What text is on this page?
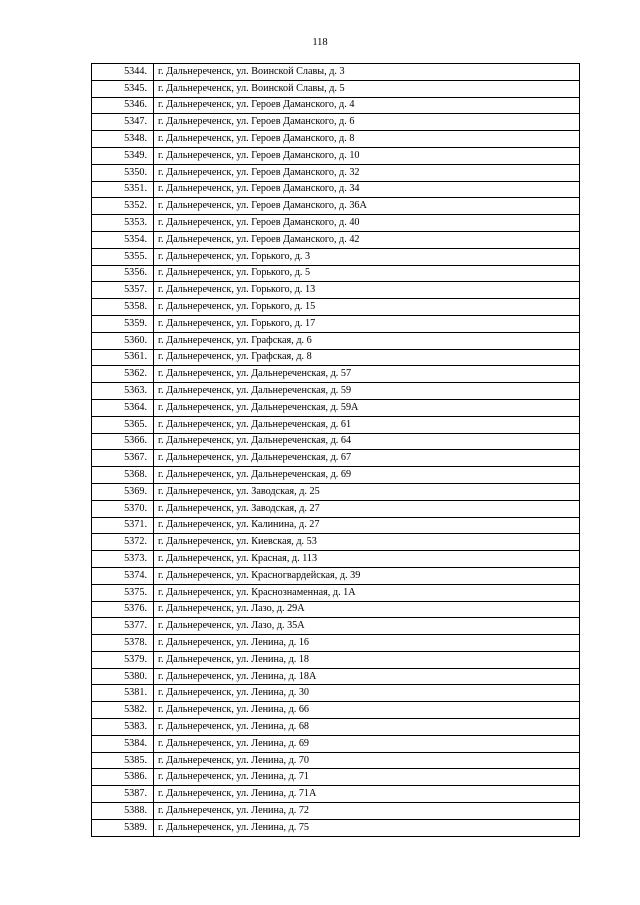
118
5344.	г. Дальнереченск, ул. Воинской Славы, д. 3
5345.	г. Дальнереченск, ул. Воинской Славы, д. 5
5346.	г. Дальнереченск, ул. Героев Даманского, д. 4
5347.	г. Дальнереченск, ул. Героев Даманского, д. 6
5348.	г. Дальнереченск, ул. Героев Даманского, д. 8
5349.	г. Дальнереченск, ул. Героев Даманского, д. 10
5350.	г. Дальнереченск, ул. Героев Даманского, д. 32
5351.	г. Дальнереченск, ул. Героев Даманского, д. 34
5352.	г. Дальнереченск, ул. Героев Даманского, д. 36А
5353.	г. Дальнереченск, ул. Героев Даманского, д. 40
5354.	г. Дальнереченск, ул. Героев Даманского, д. 42
5355.	г. Дальнереченск, ул. Горького, д. 3
5356.	г. Дальнереченск, ул. Горького, д. 5
5357.	г. Дальнереченск, ул. Горького, д. 13
5358.	г. Дальнереченск, ул. Горького, д. 15
5359.	г. Дальнереченск, ул. Горького, д. 17
5360.	г. Дальнереченск, ул. Графская, д. 6
5361.	г. Дальнереченск, ул. Графская, д. 8
5362.	г. Дальнереченск, ул. Дальнереченская, д. 57
5363.	г. Дальнереченск, ул. Дальнереченская, д. 59
5364.	г. Дальнереченск, ул. Дальнереченская, д. 59А
5365.	г. Дальнереченск, ул. Дальнереченская, д. 61
5366.	г. Дальнереченск, ул. Дальнереченская, д. 64
5367.	г. Дальнереченск, ул. Дальнереченская, д. 67
5368.	г. Дальнереченск, ул. Дальнереченская, д. 69
5369.	г. Дальнереченск, ул. Заводская, д. 25
5370.	г. Дальнереченск, ул. Заводская, д. 27
5371.	г. Дальнереченск, ул. Калинина, д. 27
5372.	г. Дальнереченск, ул. Киевская, д. 53
5373.	г. Дальнереченск, ул. Красная, д. 113
5374.	г. Дальнереченск, ул. Красногвардейская, д. 39
5375.	г. Дальнереченск, ул. Краснознаменная, д. 1А
5376.	г. Дальнереченск, ул. Лазо, д. 29А
5377.	г. Дальнереченск, ул. Лазо, д. 35А
5378.	г. Дальнереченск, ул. Ленина, д. 16
5379.	г. Дальнереченск, ул. Ленина, д. 18
5380.	г. Дальнереченск, ул. Ленина, д. 18А
5381.	г. Дальнереченск, ул. Ленина, д. 30
5382.	г. Дальнереченск, ул. Ленина, д. 66
5383.	г. Дальнереченск, ул. Ленина, д. 68
5384.	г. Дальнереченск, ул. Ленина, д. 69
5385.	г. Дальнереченск, ул. Ленина, д. 70
5386.	г. Дальнереченск, ул. Ленина, д. 71
5387.	г. Дальнереченск, ул. Ленина, д. 71А
5388.	г. Дальнереченск, ул. Ленина, д. 72
5389.	г. Дальнереченск, ул. Ленина, д. 75
